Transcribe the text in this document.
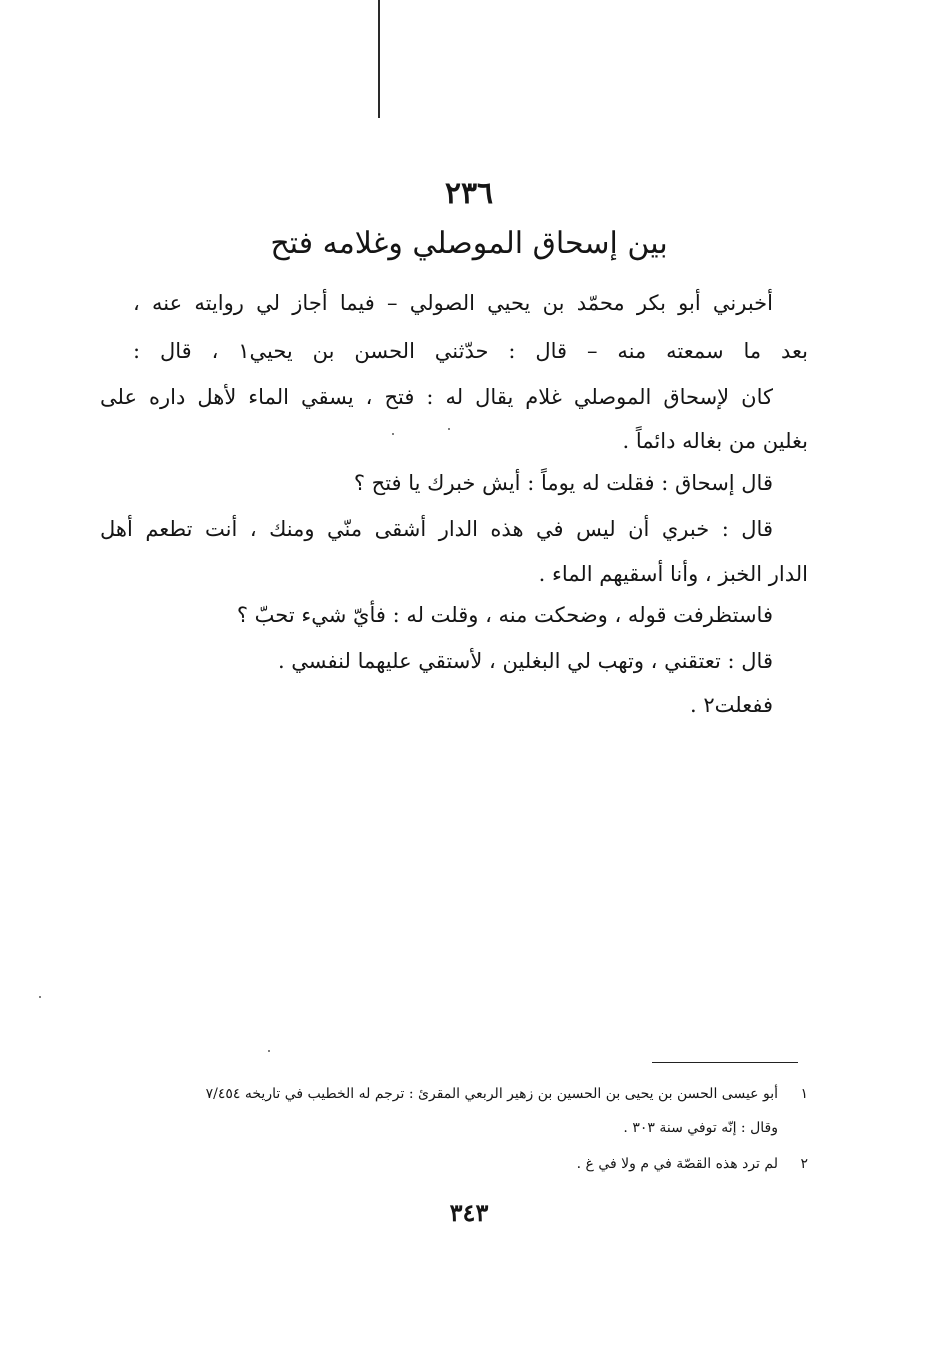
٢٣٦
بين إسحاق الموصلي وغلامه فتح
أخبرني أبو بكر محمّد بن يحيي الصولي – فيما أجاز لي روايته عنه ،
بعد ما سمعته منه – قال : حدّثني الحسن بن يحيي١ ، قال :
كان لإسحاق الموصلي غلام يقال له : فتح ، يسقي الماء لأهل داره على
بغلين من بغاله دائماً .
قال إسحاق : فقلت له يوماً : أيش خبرك يا فتح ؟
قال : خبري أن ليس في هذه الدار أشقى منّي ومنك ، أنت تطعم أهل
الدار الخبز ، وأنا أسقيهم الماء .
فاستظرفت قوله ، وضحكت منه ، وقلت له : فأيّ شيء تحبّ ؟
قال : تعتقني ، وتهب لي البغلين ، لأستقي عليهما لنفسي .
ففعلت٢ .
١
أبو عيسى الحسن بن يحيى بن الحسين بن زهير الربعي المقرئ : ترجم له الخطيب في تاريخه ٧/٤٥٤
وقال : إنّه توفي سنة ٣٠٣ .
٢
لم ترد هذه القصّة في م ولا في غ .
٣٤٣
